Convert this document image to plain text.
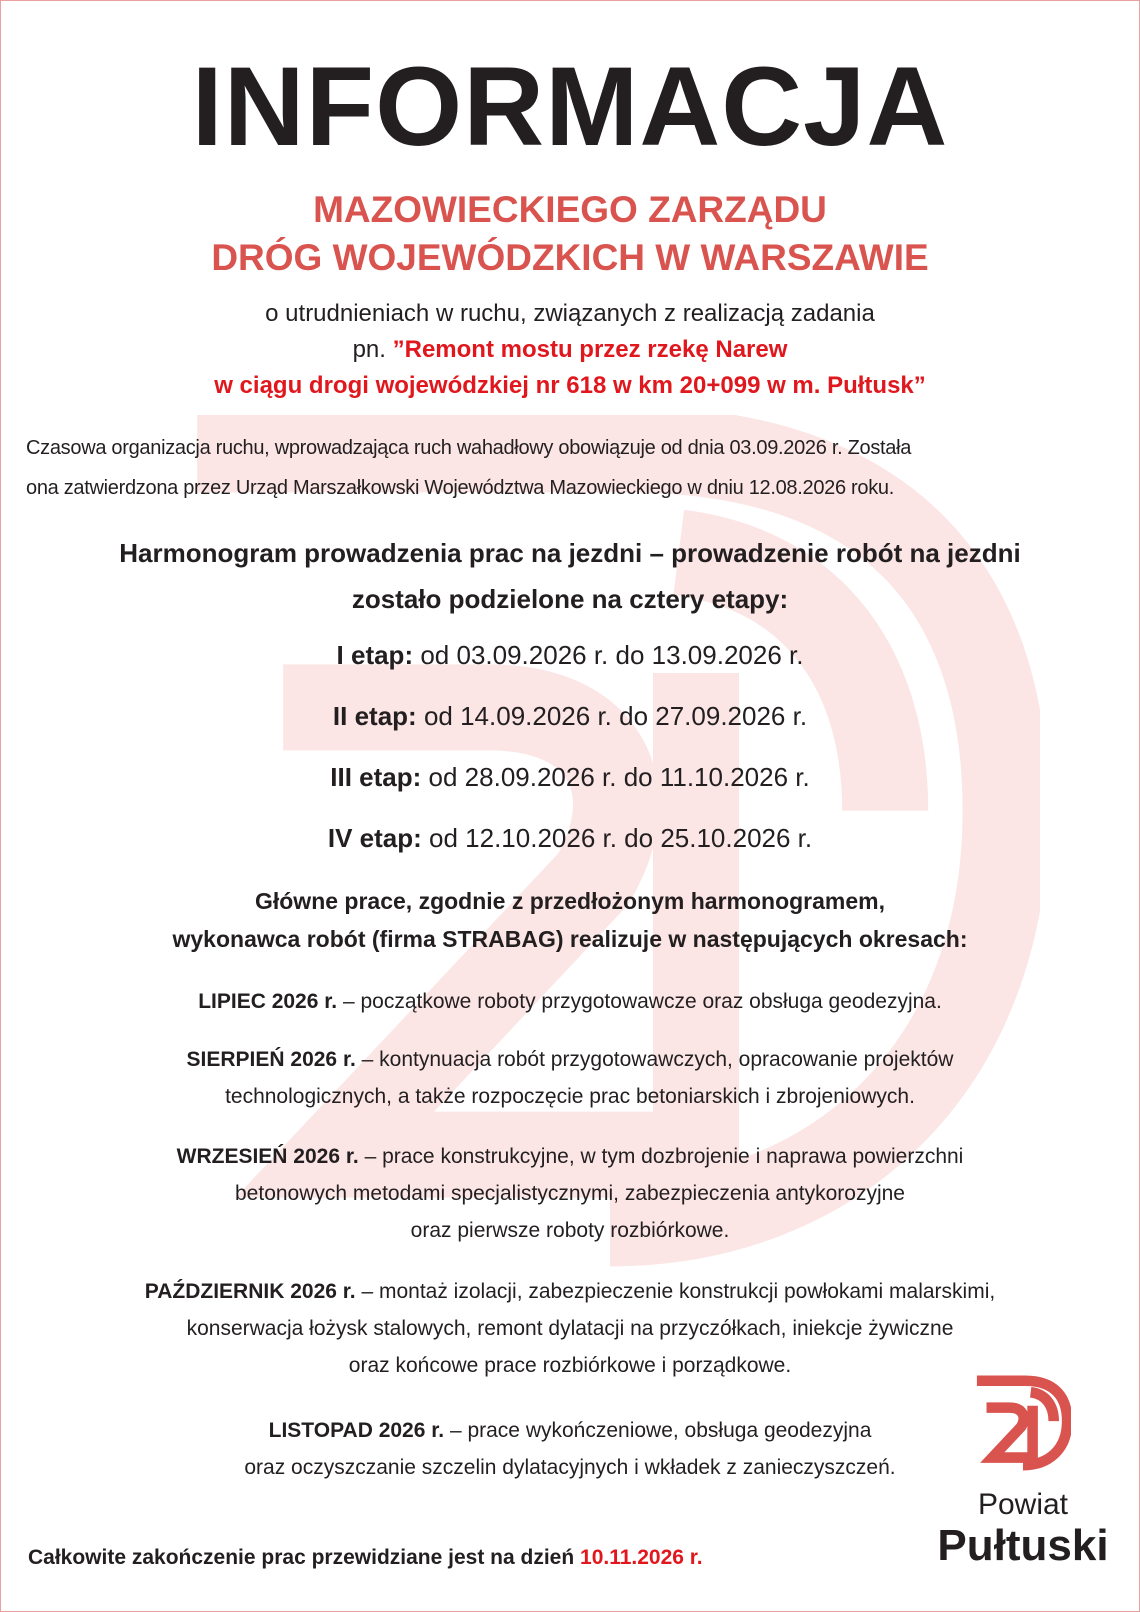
INFORMACJA
MAZOWIECKIEGO ZARZĄDU
DRÓG WOJEWÓDZKICH W WARSZAWIE
o utrudnieniach w ruchu, związanych z realizacją zadania
pn. ”Remont mostu przez rzekę Narew
w ciągu drogi wojewódzkiej nr 618 w km 20+099 w m. Pułtusk”
Czasowa organizacja ruchu, wprowadzająca ruch wahadłowy obowiązuje od dnia 03.09.2026 r. Została
ona zatwierdzona przez Urząd Marszałkowski Województwa Mazowieckiego w dniu 12.08.2026 roku.
Harmonogram prowadzenia prac na jezdni – prowadzenie robót na jezdni
zostało podzielone na cztery etapy:
I etap: od 03.09.2026 r. do 13.09.2026 r.
II etap: od 14.09.2026 r. do 27.09.2026 r.
III etap: od 28.09.2026 r. do 11.10.2026 r.
IV etap: od 12.10.2026 r. do 25.10.2026 r.
Główne prace, zgodnie z przedłożonym harmonogramem,
wykonawca robót (firma STRABAG) realizuje w następujących okresach:
LIPIEC 2026 r. – początkowe roboty przygotowawcze oraz obsługa geodezyjna.
SIERPIEŃ 2026 r. – kontynuacja robót przygotowawczych, opracowanie projektów
technologicznych, a także rozpoczęcie prac betoniarskich i zbrojeniowych.
WRZESIEŃ 2026 r. – prace konstrukcyjne, w tym dozbrojenie i naprawa powierzchni
betonowych metodami specjalistycznymi, zabezpieczenia antykorozyjne
oraz pierwsze roboty rozbiórkowe.
PAŹDZIERNIK 2026 r. – montaż izolacji, zabezpieczenie konstrukcji powłokami malarskimi,
konserwacja łożysk stalowych, remont dylatacji na przyczółkach, iniekcje żywiczne
oraz końcowe prace rozbiórkowe i porządkowe.
LISTOPAD 2026 r. – prace wykończeniowe, obsługa geodezyjna
oraz oczyszczanie szczelin dylatacyjnych i wkładek z zanieczyszczeń.
Całkowite zakończenie prac przewidziane jest na dzień 10.11.2026 r.
Powiat
Pułtuski
